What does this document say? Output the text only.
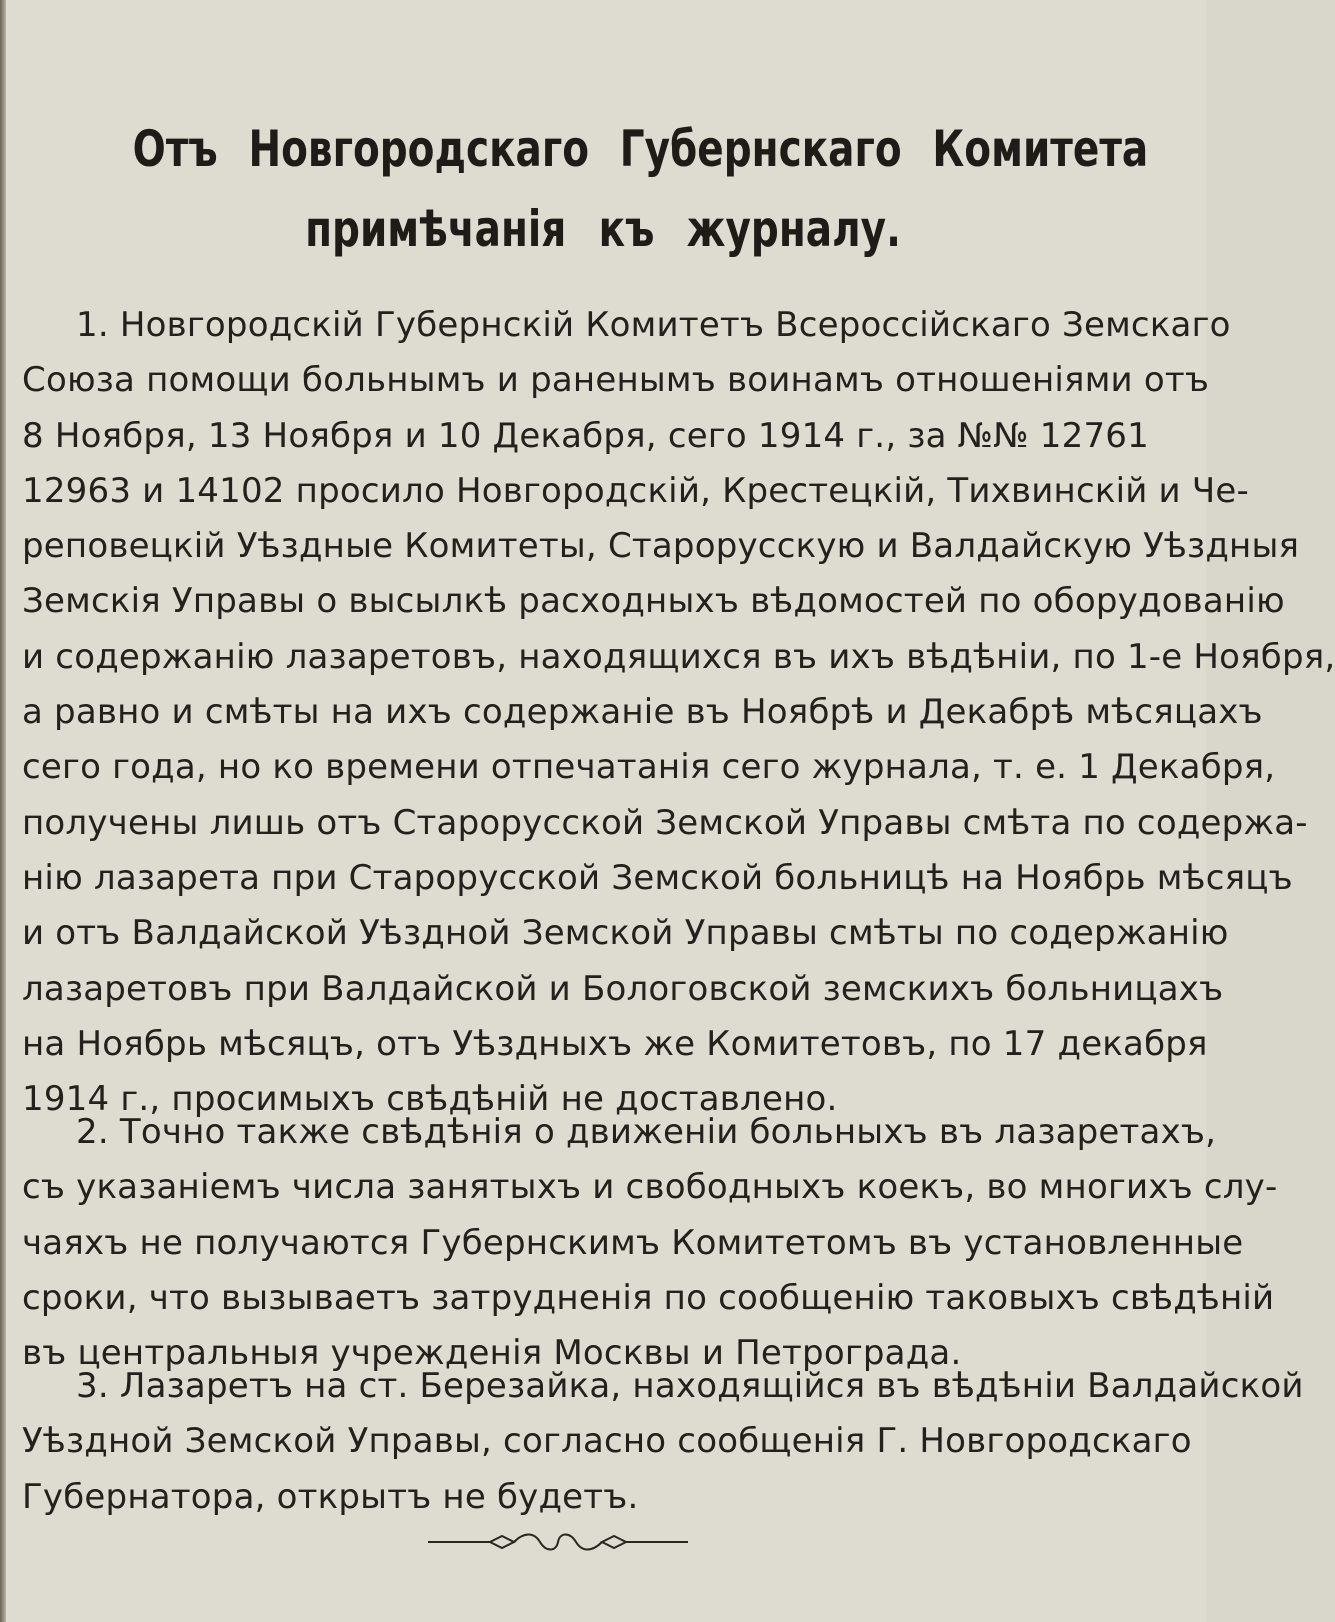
Отъ Новгородскаго Губернскаго Комитета
примѣчанія къ журналу.
1. Новгородскій Губернскій Комитетъ Всероссійскаго Земскаго
Союза помощи больнымъ и раненымъ воинамъ отношеніями отъ
8 Ноября, 13 Ноября и 10 Декабря, сего 1914 г., за №№ 12761
12963 и 14102 просило Новгородскій, Крестецкій, Тихвинскій и Че-
реповецкій Уѣздные Комитеты, Старорусскую и Валдайскую Уѣздныя
Земскія Управы о высылкѣ расходныхъ вѣдомостей по оборудованію
и содержанію лазаретовъ, находящихся въ ихъ вѣдѣніи, по 1-е Ноября,
а равно и смѣты на ихъ содержаніе въ Ноябрѣ и Декабрѣ мѣсяцахъ
сего года, но ко времени отпечатанія сего журнала, т. е. 1 Декабря,
получены лишь отъ Старорусской Земской Управы смѣта по содержа-
нію лазарета при Старорусской Земской больницѣ на Ноябрь мѣсяцъ
и отъ Валдайской Уѣздной Земской Управы смѣты по содержанію
лазаретовъ при Валдайской и Бологовской земскихъ больницахъ
на Ноябрь мѣсяцъ, отъ Уѣздныхъ же Комитетовъ, по 17 декабря
1914 г., просимыхъ свѣдѣній не доставлено.
2. Точно также свѣдѣнія о движеніи больныхъ въ лазаретахъ,
съ указаніемъ числа занятыхъ и свободныхъ коекъ, во многихъ слу-
чаяхъ не получаются Губернскимъ Комитетомъ въ установленные
сроки, что вызываетъ затрудненія по сообщенію таковыхъ свѣдѣній
въ центральныя учрежденія Москвы и Петрограда.
3. Лазаретъ на ст. Березайка, находящійся въ вѣдѣніи Валдайской
Уѣздной Земской Управы, согласно сообщенія Г. Новгородскаго
Губернатора, открытъ не будетъ.
